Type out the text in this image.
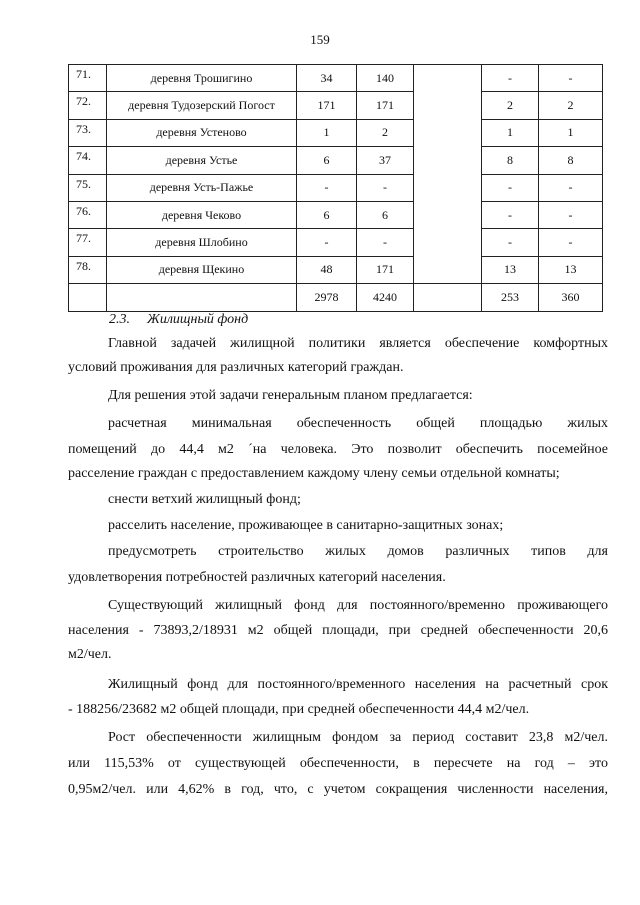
159
71.	деревня Трошигино	34	140		-	-
72.	деревня Тудозерский Погост	171	171		2	2
73.	деревня Устеново	1	2		1	1
74.	деревня Устье	6	37		8	8
75.	деревня Усть-Пажье	-	-		-	-
76.	деревня Чеково	6	6		-	-
77.	деревня Шлобино	-	-		-	-
78.	деревня Щекино	48	171		13	13
		2978	4240		253	360
2.3. Жилищный фонд
Главной задачей жилищной политики является обеспечение комфортных
условий проживания для различных категорий граждан.
Для решения этой задачи генеральным планом предлагается:
расчетная минимальная обеспеченность общей площадью жилых
помещений до 44,4 м2 ´на человека. Это позволит обеспечить посемейное
расселение граждан с предоставлением каждому члену семьи отдельной комнаты;
снести ветхий жилищный фонд;
расселить население, проживающее в санитарно-защитных зонах;
предусмотреть строительство жилых домов различных типов для
удовлетворения потребностей различных категорий населения.
Существующий жилищный фонд для постоянного/временно проживающего
населения - 73893,2/18931 м2 общей площади, при средней обеспеченности 20,6
м2/чел.
Жилищный фонд для постоянного/временного населения на расчетный срок
- 188256/23682 м2 общей площади, при средней обеспеченности 44,4 м2/чел.
Рост обеспеченности жилищным фондом за период составит 23,8 м2/чел.
или 115,53% от существующей обеспеченности, в пересчете на год – это
0,95м2/чел. или 4,62% в год, что, с учетом сокращения численности населения,
